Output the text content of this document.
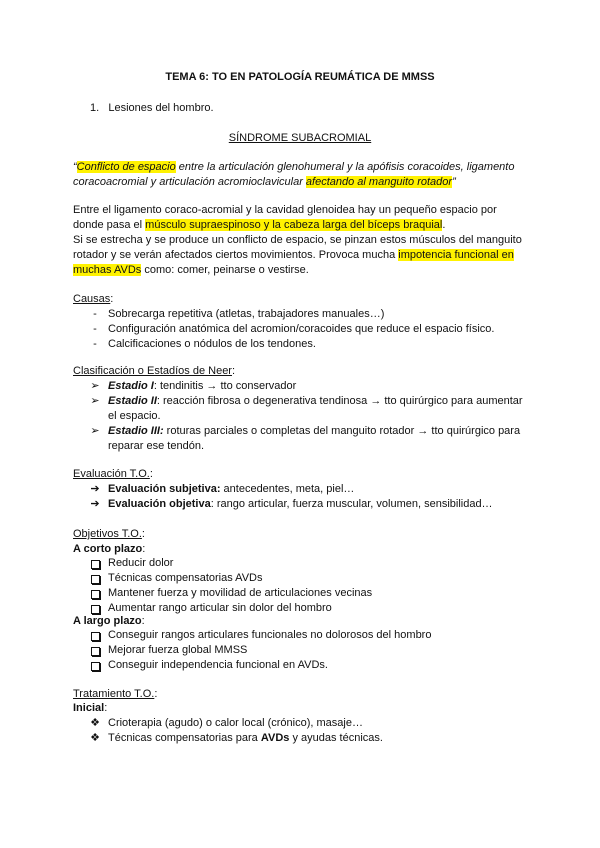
TEMA 6: TO EN PATOLOGÍA REUMÁTICA DE MMSS
1. Lesiones del hombro.
SÍNDROME SUBACROMIAL
“Conflicto de espacio entre la articulación glenohumeral y la apófisis coracoides, ligamento
coracoacromial y articulación acromioclavicular afectando al manguito rotador”
Entre el ligamento coraco-acromial y la cavidad glenoidea hay un pequeño espacio por
donde pasa el músculo supraespinoso y la cabeza larga del bíceps braquial.
Si se estrecha y se produce un conflicto de espacio, se pinzan estos músculos del manguito
rotador y se verán afectados ciertos movimientos. Provoca mucha impotencia funcional en
muchas AVDs como: comer, peinarse o vestirse.
Causas:
-	Sobrecarga repetitiva (atletas, trabajadores manuales…)
-	Configuración anatómica del acromion/coracoides que reduce el espacio físico.
-	Calcificaciones o nódulos de los tendones.
Clasificación o Estadíos de Neer:
➢ Estadio I: tendinitis → tto conservador
➢ Estadio II: reacción fibrosa o degenerativa tendinosa → tto quirúrgico para aumentar
el espacio.
➢ Estadio III: roturas parciales o completas del manguito rotador → tto quirúrgico para
reparar ese tendón.
Evaluación T.O.:
➔ Evaluación subjetiva: antecedentes, meta, piel…
➔ Evaluación objetiva: rango articular, fuerza muscular, volumen, sensibilidad…
Objetivos T.O.:
A corto plazo:
Reducir dolor
Técnicas compensatorias AVDs
Mantener fuerza y movilidad de articulaciones vecinas
Aumentar rango articular sin dolor del hombro
A largo plazo:
Conseguir rangos articulares funcionales no dolorosos del hombro
Mejorar fuerza global MMSS
Conseguir independencia funcional en AVDs.
Tratamiento T.O.:
Inicial:
❖ Crioterapia (agudo) o calor local (crónico), masaje…
❖ Técnicas compensatorias para AVDs y ayudas técnicas.
